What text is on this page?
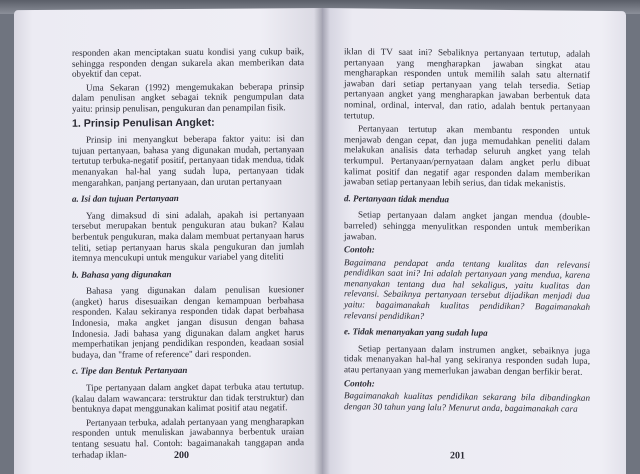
responden akan menciptakan suatu kondisi yang cukup baik, sehingga responden dengan sukarela akan memberikan data obyektif dan cepat.

Uma Sekaran (1992) mengemukakan beberapa prinsip dalam penulisan angket sebagai teknik pengumpulan data yaitu: prinsip penulisan, pengukuran dan penampilan fisik.

1. Prinsip Penulisan Angket:

Prinsip ini menyangkut beberapa faktor yaitu: isi dan tujuan pertanyaan, bahasa yang digunakan mudah, pertanyaan tertutup terbuka-negatif positif, pertanyaan tidak mendua, tidak menanyakan hal-hal yang sudah lupa, pertanyaan tidak mengarahkan, panjang pertanyaan, dan urutan pertanyaan

a. Isi dan tujuan Pertanyaan

Yang dimaksud di sini adalah, apakah isi pertanyaan tersebut merupakan bentuk pengukuran atau bukan? Kalau berbentuk pengukuran, maka dalam membuat pertanyaan harus teliti, setiap pertanyaan harus skala pengukuran dan jumlah itemnya mencukupi untuk mengukur variabel yang diteliti

b. Bahasa yang digunakan

Bahasa yang digunakan dalam penulisan kuesioner (angket) harus disesuaikan dengan kemampuan berbahasa responden. Kalau sekiranya responden tidak dapat berbahasa Indonesia, maka angket jangan disusun dengan bahasa Indonesia. Jadi bahasa yang digunakan dalam angket harus memperhatikan jenjang pendidikan responden, keadaan sosial budaya, dan "frame of reference" dari responden.

c. Tipe dan Bentuk Pertanyaan

Tipe pertanyaan dalam angket dapat terbuka atau tertutup. (kalau dalam wawancara: terstruktur dan tidak terstruktur) dan bentuknya dapat menggunakan kalimat positif atau negatif.

Pertanyaan terbuka, adalah pertanyaan yang mengharapkan responden untuk menuliskan jawabannya berbentuk uraian tentang sesuatu hal. Contoh: bagaimanakah tanggapan anda terhadap iklan-	200

iklan di TV saat ini? Sebaliknya pertanyaan tertutup, adalah pertanyaan yang mengharapkan jawaban singkat atau mengharapkan responden untuk memilih salah satu alternatif jawaban dari setiap pertanyaan yang telah tersedia. Setiap pertanyaan angket yang mengharapkan jawaban berbentuk data nominal, ordinal, interval, dan ratio, adalah bentuk pertanyaan tertutup.

Pertanyaan tertutup akan membantu responden untuk menjawab dengan cepat, dan juga memudahkan peneliti dalam melakukan analisis data terhadap seluruh angket yang telah terkumpul. Pertanyaan/pernyataan dalam angket perlu dibuat kalimat positif dan negatif agar responden dalam memberikan jawaban setiap pertanyaan lebih serius, dan tidak mekanistis.

d. Pertanyaan tidak mendua

Setiap pertanyaan dalam angket jangan mendua (double-barreled) sehingga menyulitkan responden untuk memberikan jawaban.

Contoh:

Bagaimana pendapat anda tentang kualitas dan relevansi pendidikan saat ini? Ini adalah pertanyaan yang mendua, karena menanyakan tentang dua hal sekaligus, yaitu kualitas dan relevansi. Sebaiknya pertanyaan tersebut dijadikan menjadi dua yaitu: bagaimanakah kualitas pendidikan? Bagaimanakah relevansi pendidikan?

e. Tidak menanyakan yang sudah lupa

Setiap pertanyaan dalam instrumen angket, sebaiknya juga tidak menanyakan hal-hal yang sekiranya responden sudah lupa, atau pertanyaan yang memerlukan jawaban dengan berfikir berat.

Contoh:

Bagaimanakah kualitas pendidikan sekarang bila dibandingkan dengan 30 tahun yang lalu? Menurut anda, bagaimanakah cara

201
